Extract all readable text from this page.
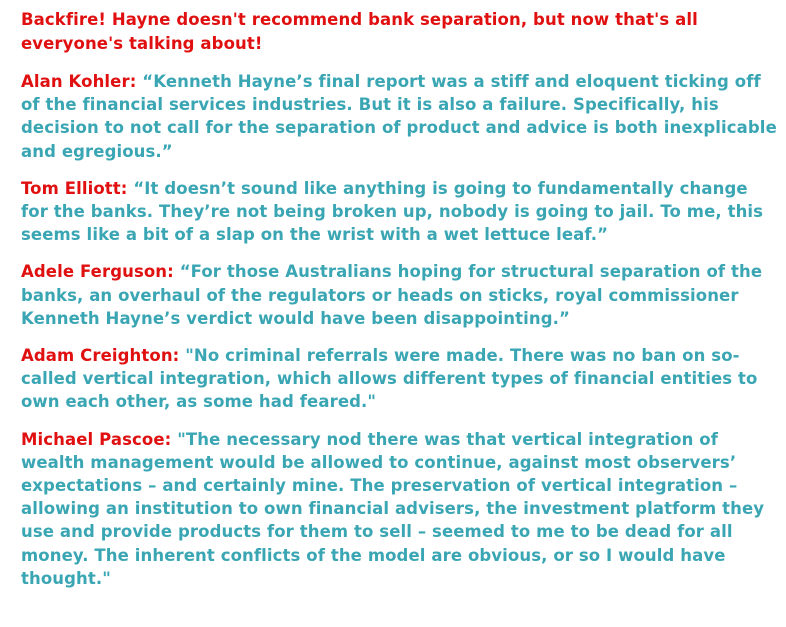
Backfire! Hayne doesn't recommend bank separation, but now that's all
everyone's talking about!
Alan Kohler: “Kenneth Hayne’s final report was a stiff and eloquent ticking off
of the financial services industries. But it is also a failure. Specifically, his
decision to not call for the separation of product and advice is both inexplicable
and egregious.”
Tom Elliott: “It doesn’t sound like anything is going to fundamentally change
for the banks. They’re not being broken up, nobody is going to jail. To me, this
seems like a bit of a slap on the wrist with a wet lettuce leaf.”
Adele Ferguson: “For those Australians hoping for structural separation of the
banks, an overhaul of the regulators or heads on sticks, royal commissioner
Kenneth Hayne’s verdict would have been disappointing.”
Adam Creighton: "No criminal referrals were made. There was no ban on so-
called vertical integration, which allows different types of financial entities to
own each other, as some had feared."
Michael Pascoe: "The necessary nod there was that vertical integration of
wealth management would be allowed to continue, against most observers’
expectations – and certainly mine. The preservation of vertical integration –
allowing an institution to own financial advisers, the investment platform they
use and provide products for them to sell – seemed to me to be dead for all
money. The inherent conflicts of the model are obvious, or so I would have
thought."
